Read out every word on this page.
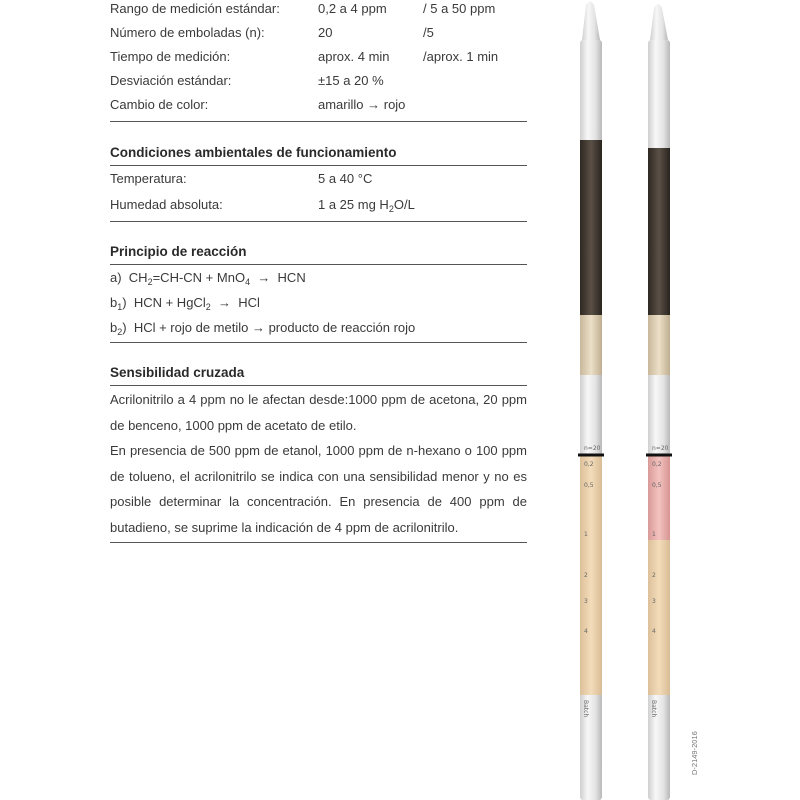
Rango de medición estándar:	0,2 a 4 ppm	/ 5 a 50 ppm
Número de emboladas (n):	20	/5
Tiempo de medición:	aprox. 4 min	/aprox. 1 min
Desviación estándar:	±15 a 20 %
Cambio de color:	amarillo → rojo
Condiciones ambientales de funcionamiento
Temperatura:	5 a 40 °C
Humedad absoluta:	1 a 25 mg $H_2O/L$
Principio de reacción
a) $CH_2=CH-CN + MnO_4$ → HCN
$b_1$) HCN + HgCl$_2$ → HCl
$b_2$) HCl + rojo de metilo → producto de reacción rojo
Sensibilidad cruzada
Acrilonitrilo a 4 ppm no le afectan desde:1000 ppm de acetona, 20 ppm de benceno, 1000 ppm de acetato de etilo.
En presencia de 500 ppm de etanol, 1000 ppm de n-hexano o 100 ppm de tolueno, el acrilonitrilo se indica con una sensibilidad menor y no es posible determinar la concentración. En presencia de 400 ppm de butadieno, se suprime la indicación de 4 ppm de acrilonitrilo.
n=20
0,2
0,5
1
2
3
4
Batch
n=20
0,2
0,5
1
2
3
4
Batch
D-2149-2016
